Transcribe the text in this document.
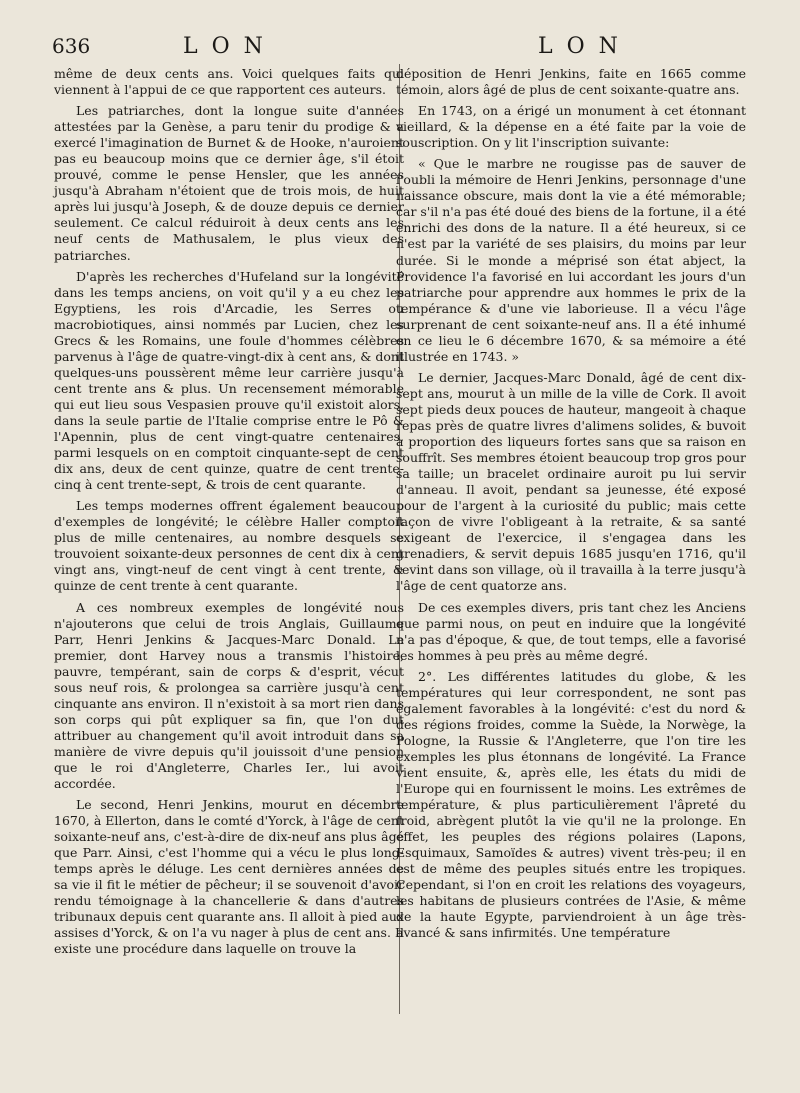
636	LON	LON

même de deux cents ans. Voici quelques faits qui viennent à l'appui de ce que rapportent ces auteurs.

Les patriarches, dont la longue suite d'années attestées par la Genèse, a paru tenir du prodige & a exercé l'imagination de Burnet & de Hooke, n'auroient pas eu beaucoup moins que ce dernier âge, s'il étoit prouvé, comme le pense Hensler, que les années jusqu'à Abraham n'étoient que de trois mois, de huit après lui jusqu'à Joseph, & de douze depuis ce dernier seulement. Ce calcul réduiroit à deux cents ans les neuf cents de Mathusalem, le plus vieux des patriarches.

D'après les recherches d'Hufeland sur la longévité dans les temps anciens, on voit qu'il y a eu chez les Egyptiens, les rois d'Arcadie, les Serres ou macrobiotiques, ainsi nommés par Lucien, chez les Grecs & les Romains, une foule d'hommes célèbres parvenus à l'âge de quatre-vingt-dix à cent ans, & dont quelques-uns poussèrent même leur carrière jusqu'à cent trente ans & plus. Un recensement mémorable qui eut lieu sous Vespasien prouve qu'il existoit alors, dans la seule partie de l'Italie comprise entre le Pô & l'Apennin, plus de cent vingt-quatre centenaires, parmi lesquels on en comptoit cinquante-sept de cent dix ans, deux de cent quinze, quatre de cent trente-cinq à cent trente-sept, & trois de cent quarante.

Les temps modernes offrent également beaucoup d'exemples de longévité; le célèbre Haller comptoit plus de mille centenaires, au nombre desquels se trouvoient soixante-deux personnes de cent dix à cent vingt ans, vingt-neuf de cent vingt à cent trente, & quinze de cent trente à cent quarante.

A ces nombreux exemples de longévité nous n'ajouterons que celui de trois Anglais, Guillaume Parr, Henri Jenkins & Jacques-Marc Donald. Le premier, dont Harvey nous a transmis l'histoire, pauvre, tempérant, sain de corps & d'esprit, vécut sous neuf rois, & prolongea sa carrière jusqu'à cent cinquante ans environ. Il n'existoit à sa mort rien dans son corps qui pût expliquer sa fin, que l'on dut attribuer au changement qu'il avoit introduit dans sa manière de vivre depuis qu'il jouissoit d'une pension que le roi d'Angleterre, Charles Ier., lui avoit accordée.

Le second, Henri Jenkins, mourut en décembre 1670, à Ellerton, dans le comté d'Yorck, à l'âge de cent soixante-neuf ans, c'est-à-dire de dix-neuf ans plus âgé que Parr. Ainsi, c'est l'homme qui a vécu le plus long-temps après le déluge. Les cent dernières années de sa vie il fit le métier de pêcheur; il se souvenoit d'avoir rendu témoignage à la chancellerie & dans d'autres tribunaux depuis cent quarante ans. Il alloit à pied aux assises d'Yorck, & on l'a vu nager à plus de cent ans. Il existe une procédure dans laquelle on trouve la

déposition de Henri Jenkins, faite en 1665 comme témoin, alors âgé de plus de cent soixante-quatre ans.

En 1743, on a érigé un monument à cet étonnant vieillard, & la dépense en a été faite par la voie de souscription. On y lit l'inscription suivante:

« Que le marbre ne rougisse pas de sauver de l'oubli la mémoire de Henri Jenkins, personnage d'une naissance obscure, mais dont la vie a été mémorable; car s'il n'a pas été doué des biens de la fortune, il a été enrichi des dons de la nature. Il a été heureux, si ce n'est par la variété de ses plaisirs, du moins par leur durée. Si le monde a méprisé son état abject, la Providence l'a favorisé en lui accordant les jours d'un patriarche pour apprendre aux hommes le prix de la tempérance & d'une vie laborieuse. Il a vécu l'âge surprenant de cent soixante-neuf ans. Il a été inhumé en ce lieu le 6 décembre 1670, & sa mémoire a été illustrée en 1743. »

Le dernier, Jacques-Marc Donald, âgé de cent dix-sept ans, mourut à un mille de la ville de Cork. Il avoit sept pieds deux pouces de hauteur, mangeoit à chaque repas près de quatre livres d'alimens solides, & buvoit à proportion des liqueurs fortes sans que sa raison en souffrît. Ses membres étoient beaucoup trop gros pour sa taille; un bracelet ordinaire auroit pu lui servir d'anneau. Il avoit, pendant sa jeunesse, été exposé pour de l'argent à la curiosité du public; mais cette façon de vivre l'obligeant à la retraite, & sa santé exigeant de l'exercice, il s'engagea dans les grenadiers, & servit depuis 1685 jusqu'en 1716, qu'il revint dans son village, où il travailla à la terre jusqu'à l'âge de cent quatorze ans.

De ces exemples divers, pris tant chez les Anciens que parmi nous, on peut en induire que la longévité n'a pas d'époque, & que, de tout temps, elle a favorisé les hommes à peu près au même degré.

2°. Les différentes latitudes du globe, & les températures qui leur correspondent, ne sont pas également favorables à la longévité: c'est du nord & des régions froides, comme la Suède, la Norwège, la Pologne, la Russie & l'Angleterre, que l'on tire les exemples les plus étonnans de longévité. La France vient ensuite, &, après elle, les états du midi de l'Europe qui en fournissent le moins. Les extrêmes de température, & plus particulièrement l'âpreté du froid, abrègent plutôt la vie qu'il ne la prolonge. En effet, les peuples des régions polaires (Lapons, Esquimaux, Samoïdes & autres) vivent très-peu; il en est de même des peuples situés entre les tropiques. Cependant, si l'on en croit les relations des voyageurs, les habitans de plusieurs contrées de l'Asie, & même de la haute Egypte, parviendroient à un âge très-avancé & sans infirmités. Une température
